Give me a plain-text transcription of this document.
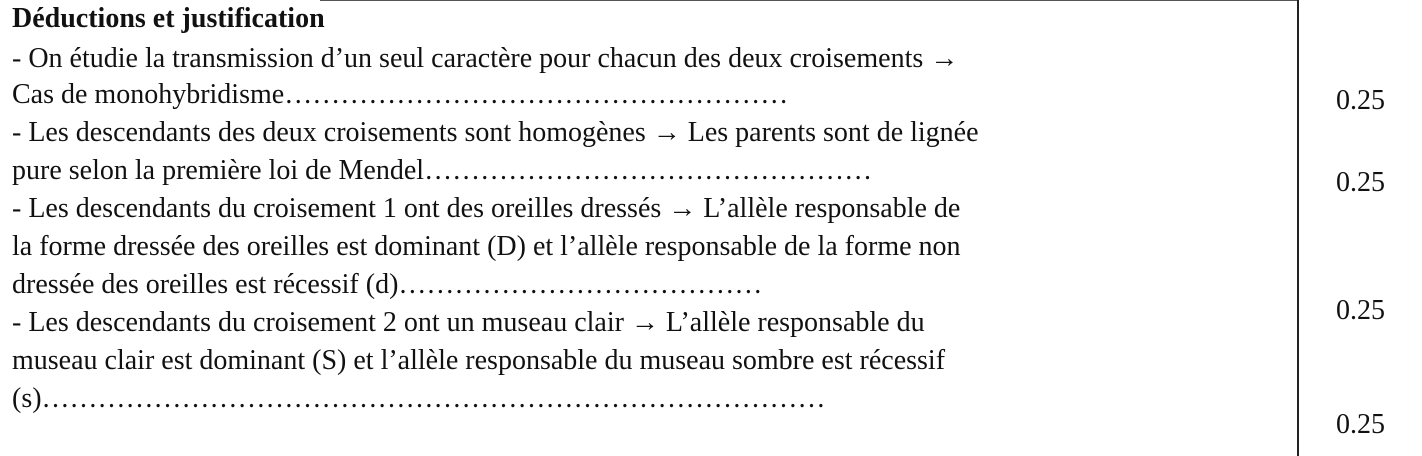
Déductions et justification

- On étudie la transmission d’un seul caractère pour chacun des deux croisements →
Cas de monohybridisme………………………………………………
- Les descendants des deux croisements sont homogènes → Les parents sont de lignée
pure selon la première loi de Mendel…………………………………………
- Les descendants du croisement 1 ont des oreilles dressés → L’allèle responsable de
la forme dressée des oreilles est dominant (D) et l’allèle responsable de la forme non
dressée des oreilles est récessif (d)…………………………………
- Les descendants du croisement 2 ont un museau clair → L’allèle responsable du
museau clair est dominant (S) et l’allèle responsable du museau sombre est récessif
(s)…………………………………………………………………………
0.25
0.25
0.25
0.25
